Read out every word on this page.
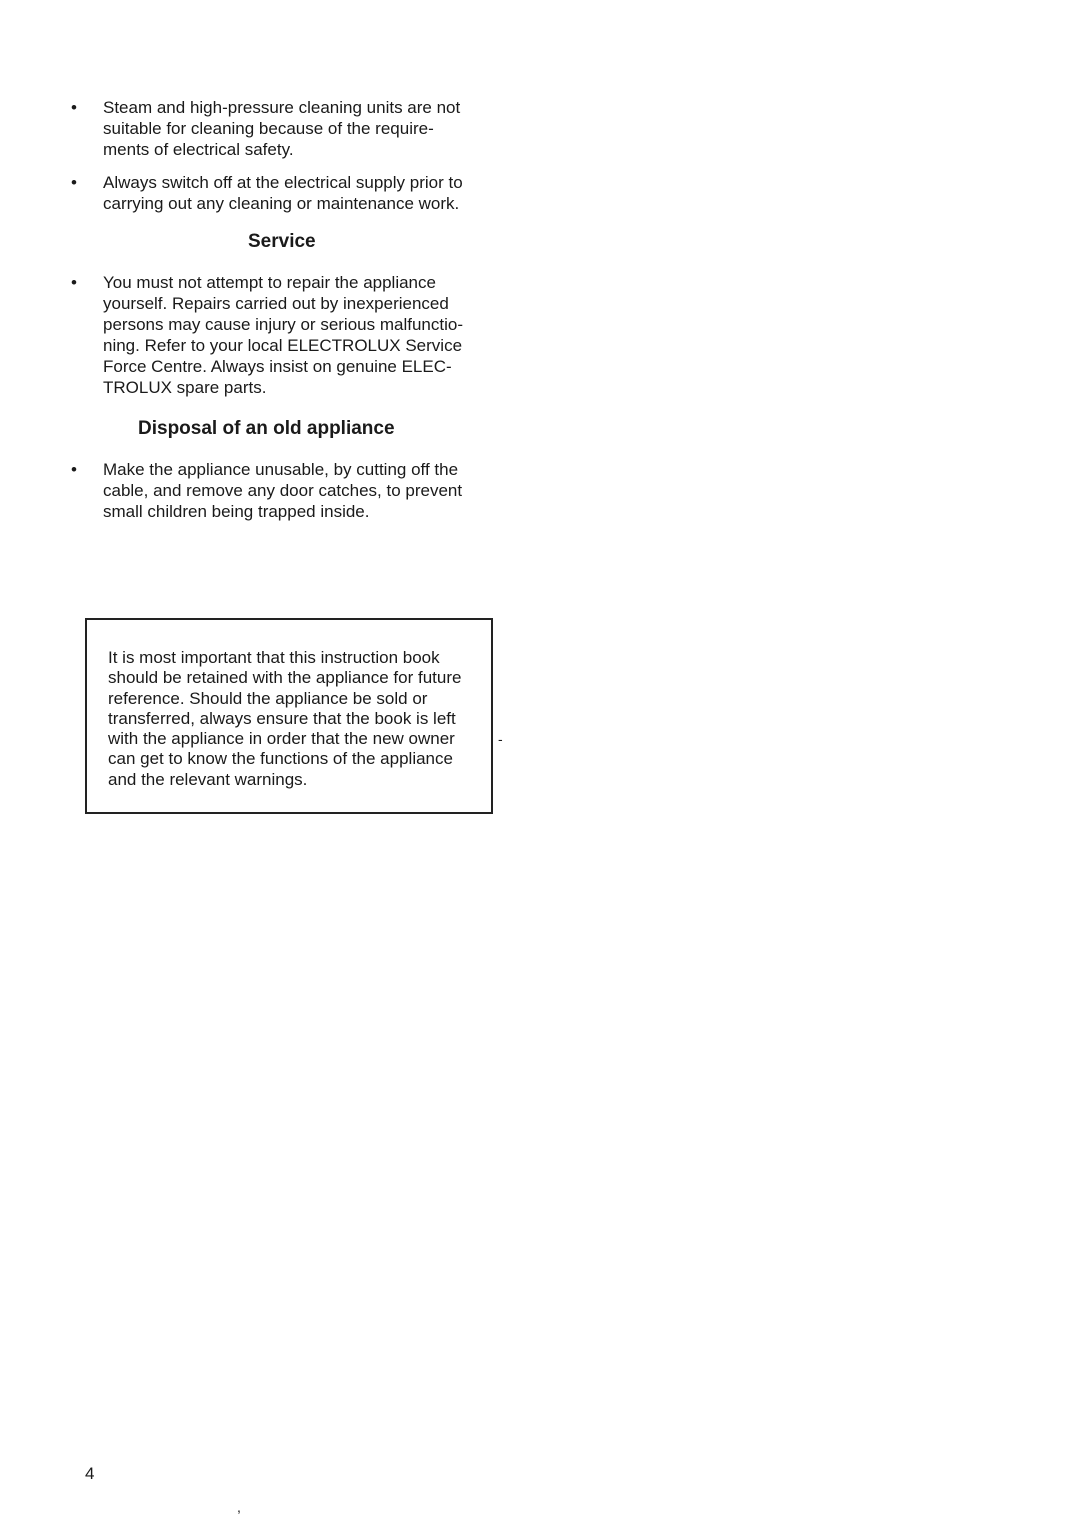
• Steam and high-pressure cleaning units are not
suitable for cleaning because of the require-
ments of electrical safety.
• Always switch off at the electrical supply prior to
carrying out any cleaning or maintenance work.
Service
• You must not attempt to repair the appliance
yourself. Repairs carried out by inexperienced
persons may cause injury or serious malfunctio-
ning. Refer to your local ELECTROLUX Service
Force Centre. Always insist on genuine ELEC-
TROLUX spare parts.
Disposal of an old appliance
• Make the appliance unusable, by cutting off the
cable, and remove any door catches, to prevent
small children being trapped inside.
It is most important that this instruction book
should be retained with the appliance for future
reference. Should the appliance be sold or
transferred, always ensure that the book is left
with the appliance in order that the new owner
can get to know the functions of the appliance
and the relevant warnings.
-
,
4
